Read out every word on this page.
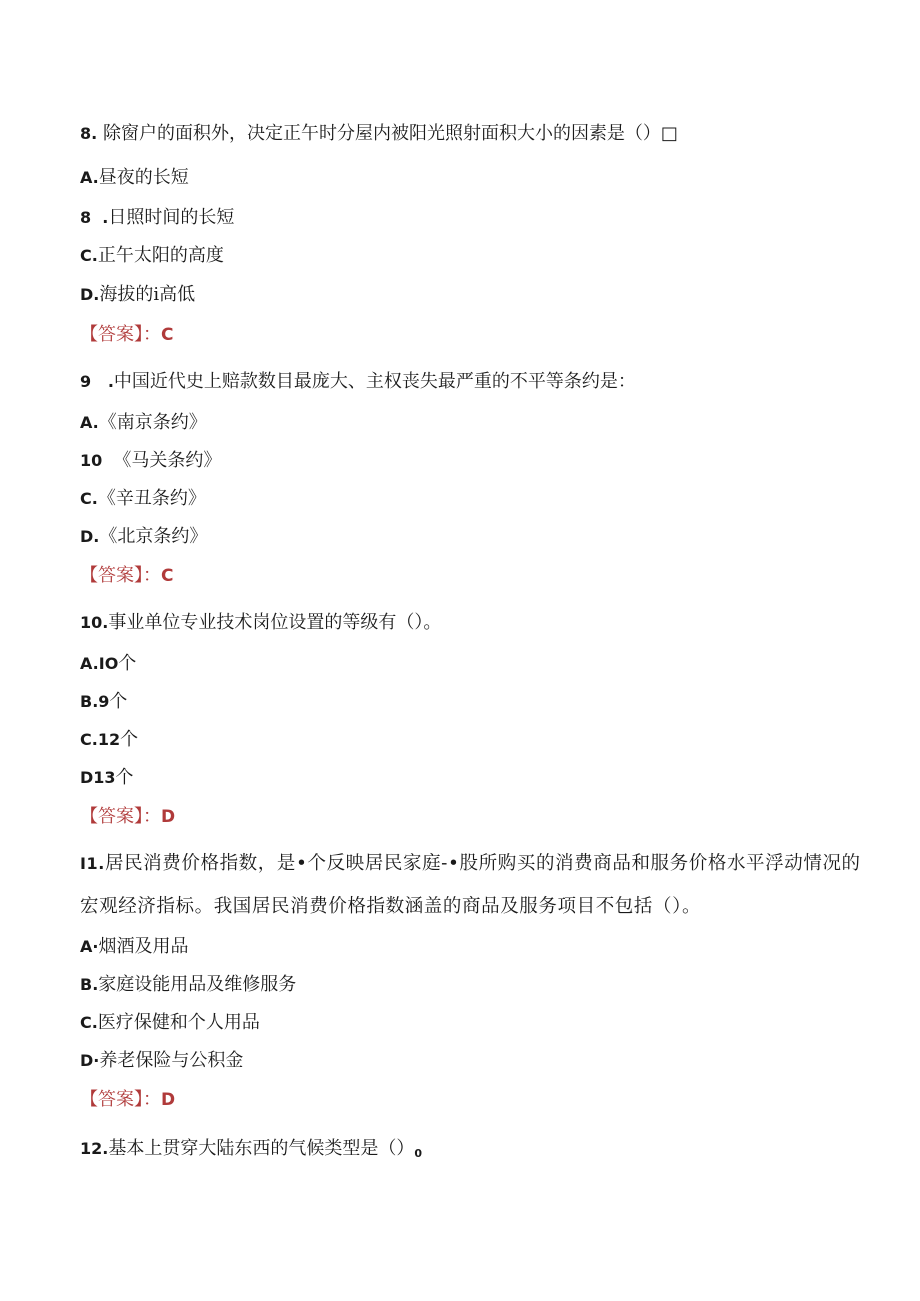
8. 除窗户的面积外，决定正午时分屋内被阳光照射面积大小的因素是（）□
A.昼夜的长短
8  .日照时间的长短
C.正午太阳的高度
D.海拔的i高低
【答案】：C
9   .中国近代史上赔款数目最庞大、主权丧失最严重的不平等条约是：
A.《南京条约》
10  《马关条约》
C.《辛丑条约》
D.《北京条约》
【答案】：C
10.事业单位专业技术岗位设置的等级有（）。
A.IO个
B.9个
C.12个
D13个
【答案】：D
I1.居民消费价格指数，是•个反映居民家庭-•股所购买的消费商品和服务价格水平浮动情况的
宏观经济指标。我国居民消费价格指数涵盖的商品及服务项目不包括（）。
A·烟酒及用品
B.家庭设能用品及维修服务
C.医疗保健和个人用品
D·养老保险与公积金
【答案】：D
12.基本上贯穿大陆东西的气候类型是（）0
